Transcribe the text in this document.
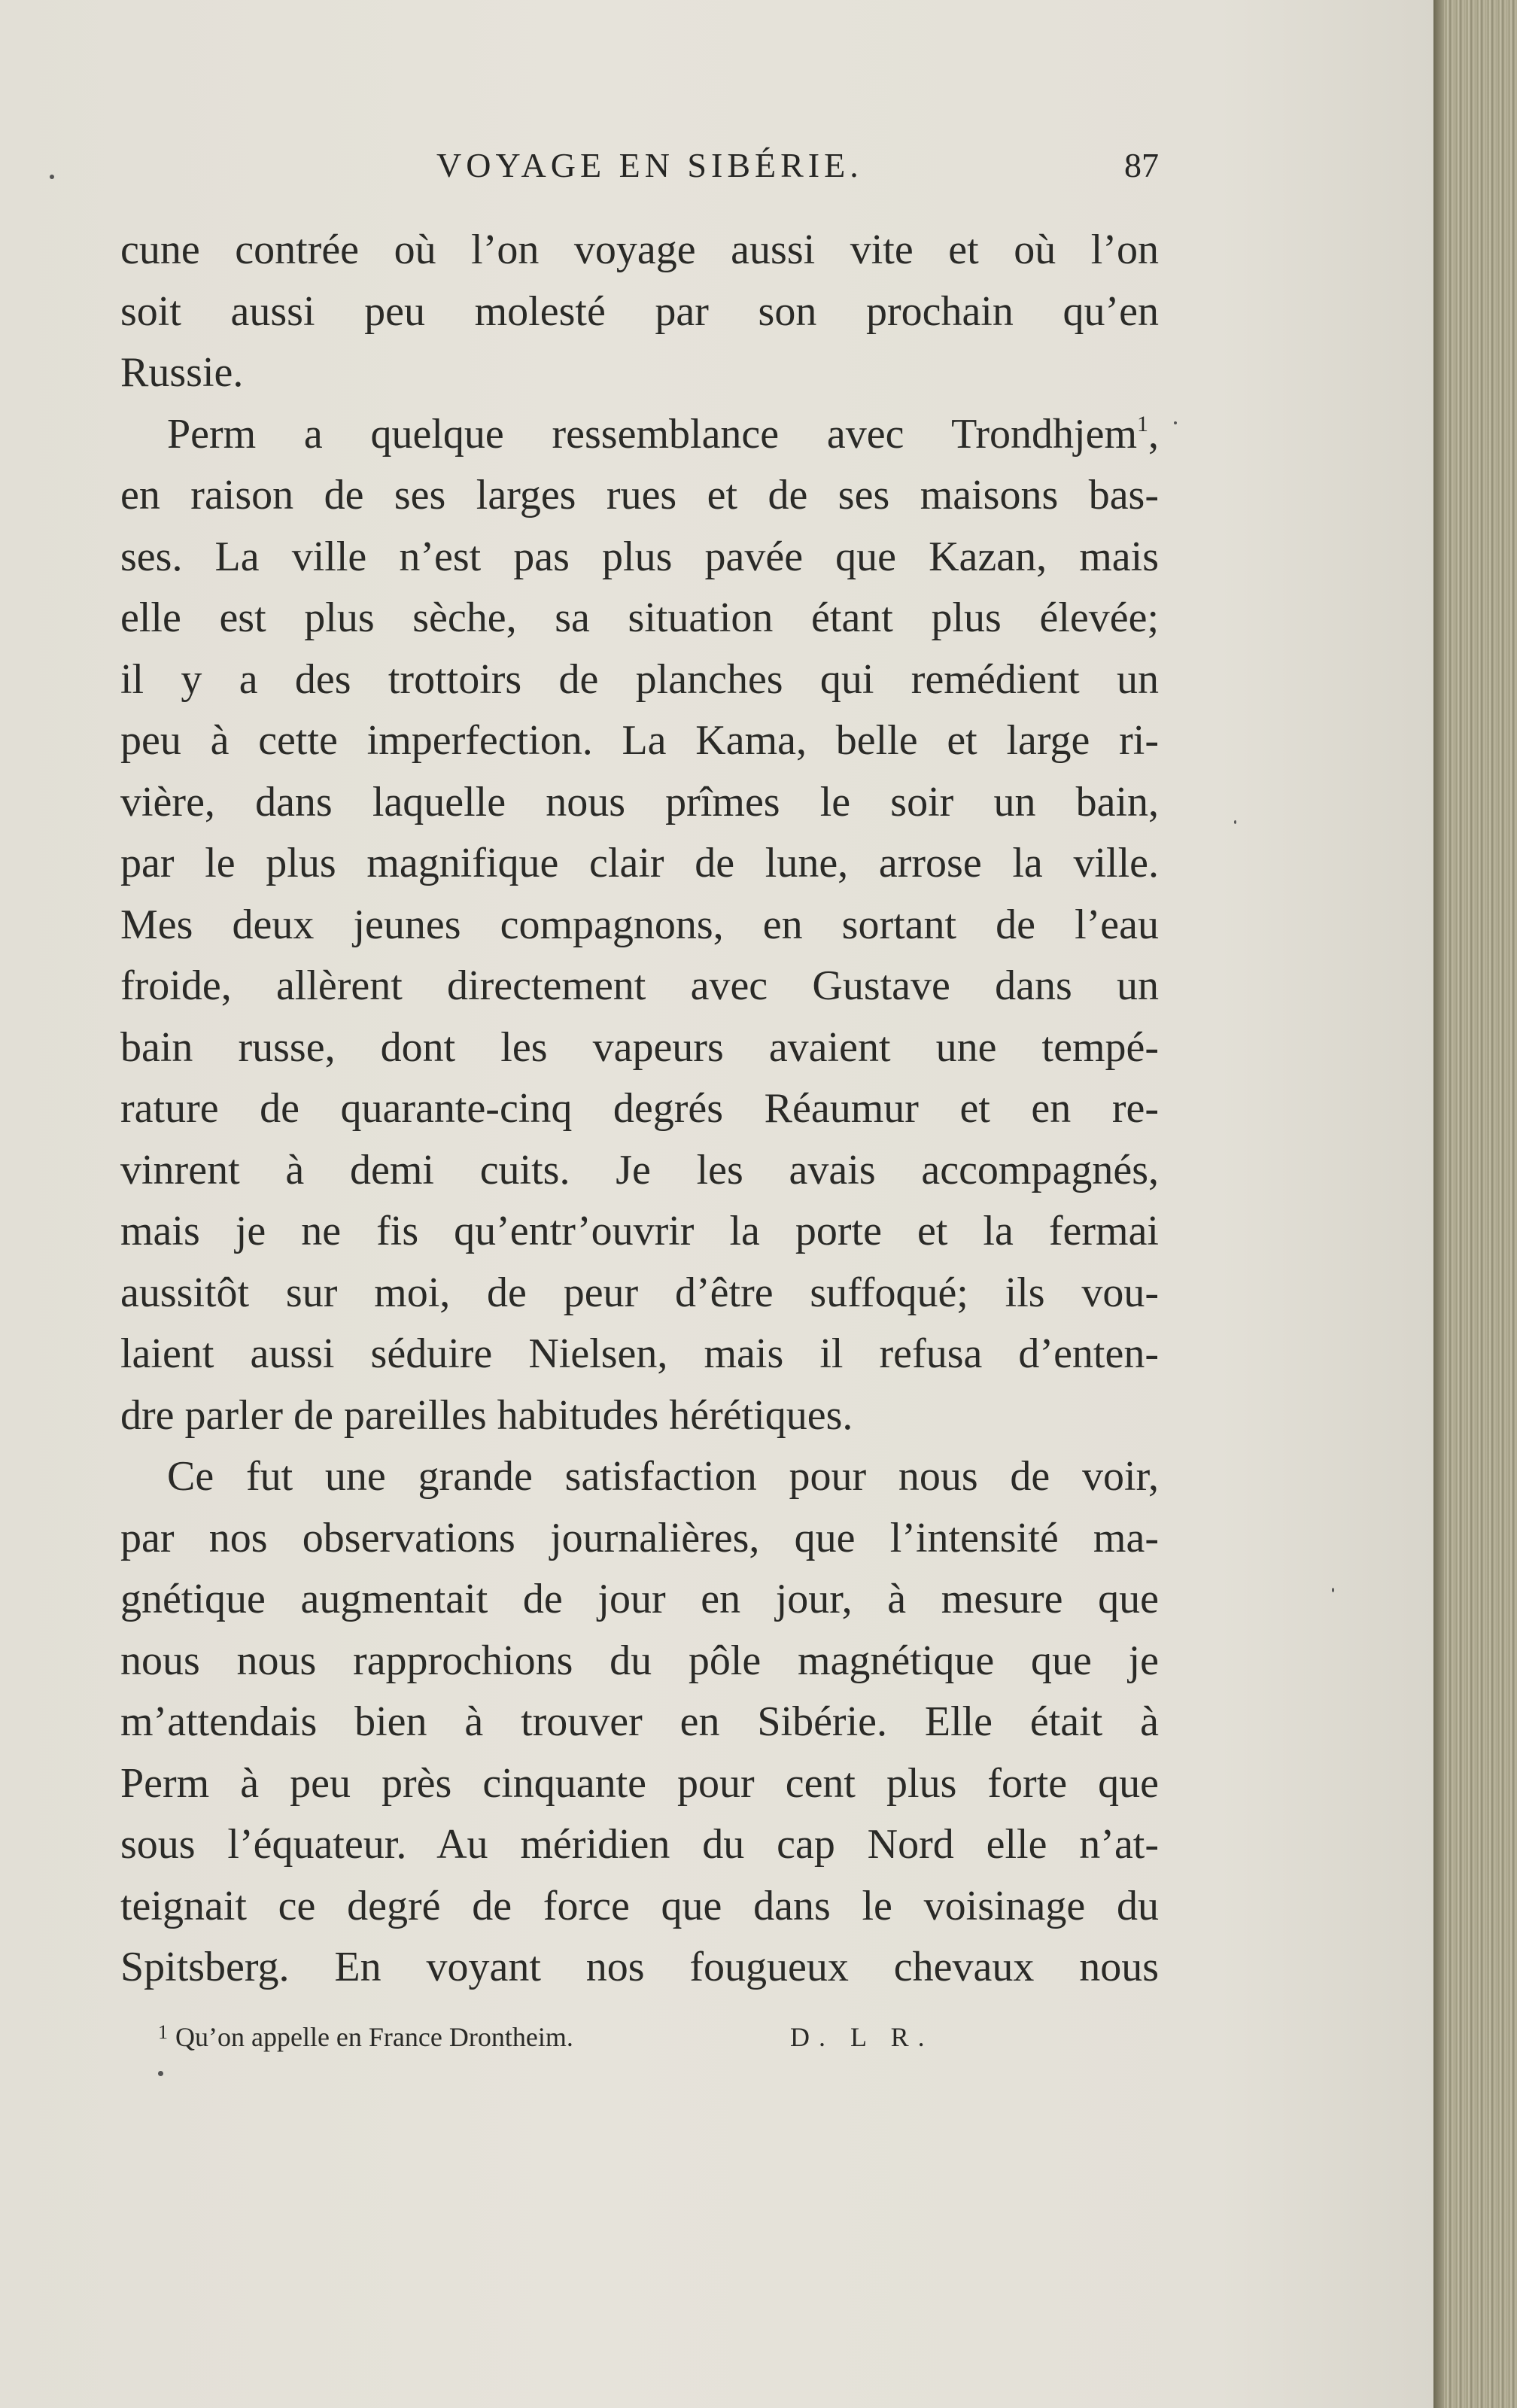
VOYAGE EN SIBÉRIE.	87
cune contrée où l’on voyage aussi vite et où l’on
soit aussi peu molesté par son prochain qu’en
Russie.
Perm a quelque ressemblance avec Trondhjem$^1$,
en raison de ses larges rues et de ses maisons bas-
ses. La ville n’est pas plus pavée que Kazan, mais
elle est plus sèche, sa situation étant plus élevée;
il y a des trottoirs de planches qui remédient un
peu à cette imperfection. La Kama, belle et large ri-
vière, dans laquelle nous prîmes le soir un bain,
par le plus magnifique clair de lune, arrose la ville.
Mes deux jeunes compagnons, en sortant de l’eau
froide, allèrent directement avec Gustave dans un
bain russe, dont les vapeurs avaient une tempé-
rature de quarante-cinq degrés Réaumur et en re-
vinrent à demi cuits. Je les avais accompagnés,
mais je ne fis qu’entr’ouvrir la porte et la fermai
aussitôt sur moi, de peur d’être suffoqué; ils vou-
laient aussi séduire Nielsen, mais il refusa d’enten-
dre parler de pareilles habitudes hérétiques.
Ce fut une grande satisfaction pour nous de voir,
par nos observations journalières, que l’intensité ma-
gnétique augmentait de jour en jour, à mesure que
nous nous rapprochions du pôle magnétique que je
m’attendais bien à trouver en Sibérie. Elle était à
Perm à peu près cinquante pour cent plus forte que
sous l’équateur. Au méridien du cap Nord elle n’at-
teignait ce degré de force que dans le voisinage du
Spitsberg. En voyant nos fougueux chevaux nous
$^1$ Qu’on appelle en France Drontheim.	D. L R.
